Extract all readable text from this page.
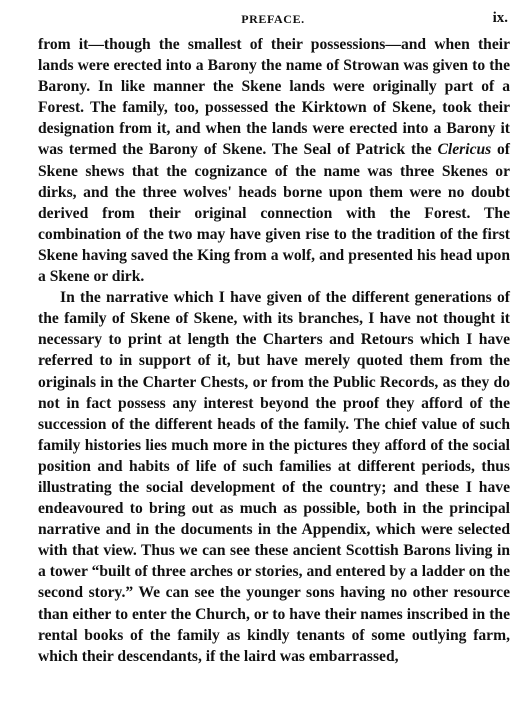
PREFACE.	ix.

from it—though the smallest of their possessions—and when their lands were erected into a Barony the name of Strowan was given to the Barony. In like manner the Skene lands were originally part of a Forest. The family, too, possessed the Kirktown of Skene, took their designation from it, and when the lands were erected into a Barony it was termed the Barony of Skene. The Seal of Patrick the Clericus of Skene shews that the cognizance of the name was three Skenes or dirks, and the three wolves' heads borne upon them were no doubt derived from their original connection with the Forest. The combination of the two may have given rise to the tradition of the first Skene having saved the King from a wolf, and presented his head upon a Skene or dirk.

In the narrative which I have given of the different generations of the family of Skene of Skene, with its branches, I have not thought it necessary to print at length the Charters and Retours which I have referred to in support of it, but have merely quoted them from the originals in the Charter Chests, or from the Public Records, as they do not in fact possess any interest beyond the proof they afford of the succession of the different heads of the family. The chief value of such family histories lies much more in the pictures they afford of the social position and habits of life of such families at different periods, thus illustrating the social development of the country; and these I have endeavoured to bring out as much as possible, both in the principal narrative and in the documents in the Appendix, which were selected with that view. Thus we can see these ancient Scottish Barons living in a tower “built of three arches or stories, and entered by a ladder on the second story.” We can see the younger sons having no other resource than either to enter the Church, or to have their names inscribed in the rental books of the family as kindly tenants of some outlying farm, which their descendants, if the laird was embarrassed,
